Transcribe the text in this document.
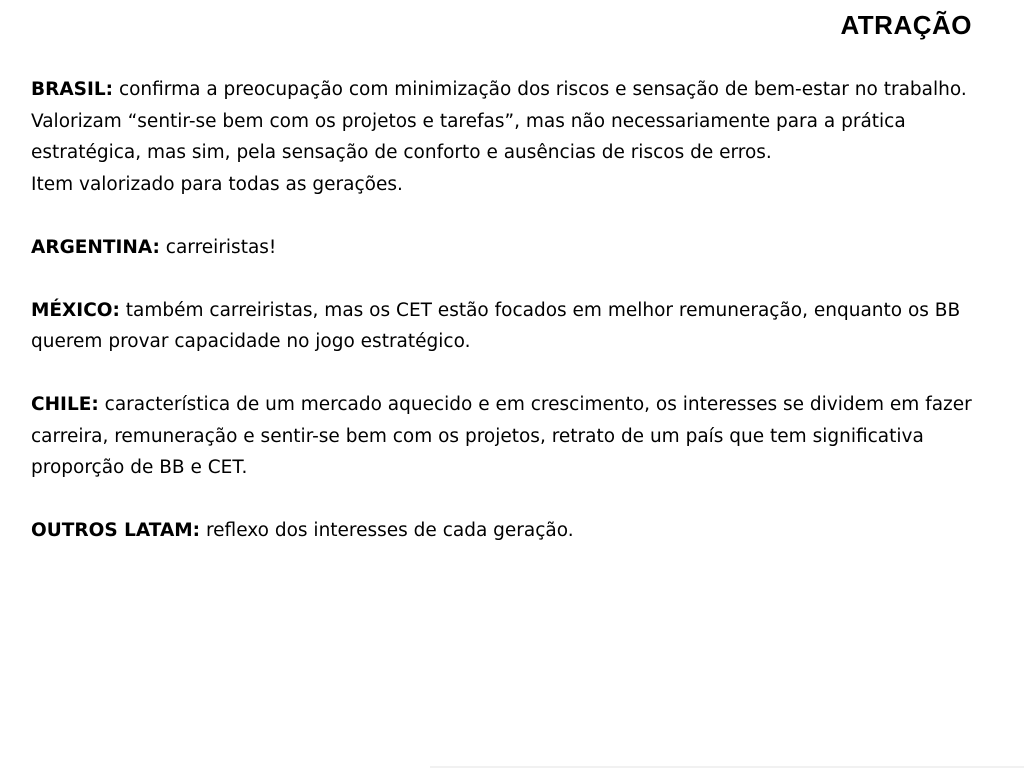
ATRAÇÃO

BRASIL: confirma a preocupação com minimização dos riscos e sensação de bem-estar no trabalho. Valorizam “sentir-se bem com os projetos e tarefas”, mas não necessariamente para a prática estratégica, mas sim, pela sensação de conforto e ausências de riscos de erros.

Item valorizado para todas as gerações.

ARGENTINA: carreiristas!

MÉXICO: também carreiristas, mas os CET estão focados em melhor remuneração, enquanto os BB querem provar capacidade no jogo estratégico.

CHILE: característica de um mercado aquecido e em crescimento, os interesses se dividem em fazer carreira, remuneração e sentir-se bem com os projetos, retrato de um país que tem significativa proporção de BB e CET.

OUTROS LATAM: reflexo dos interesses de cada geração.
